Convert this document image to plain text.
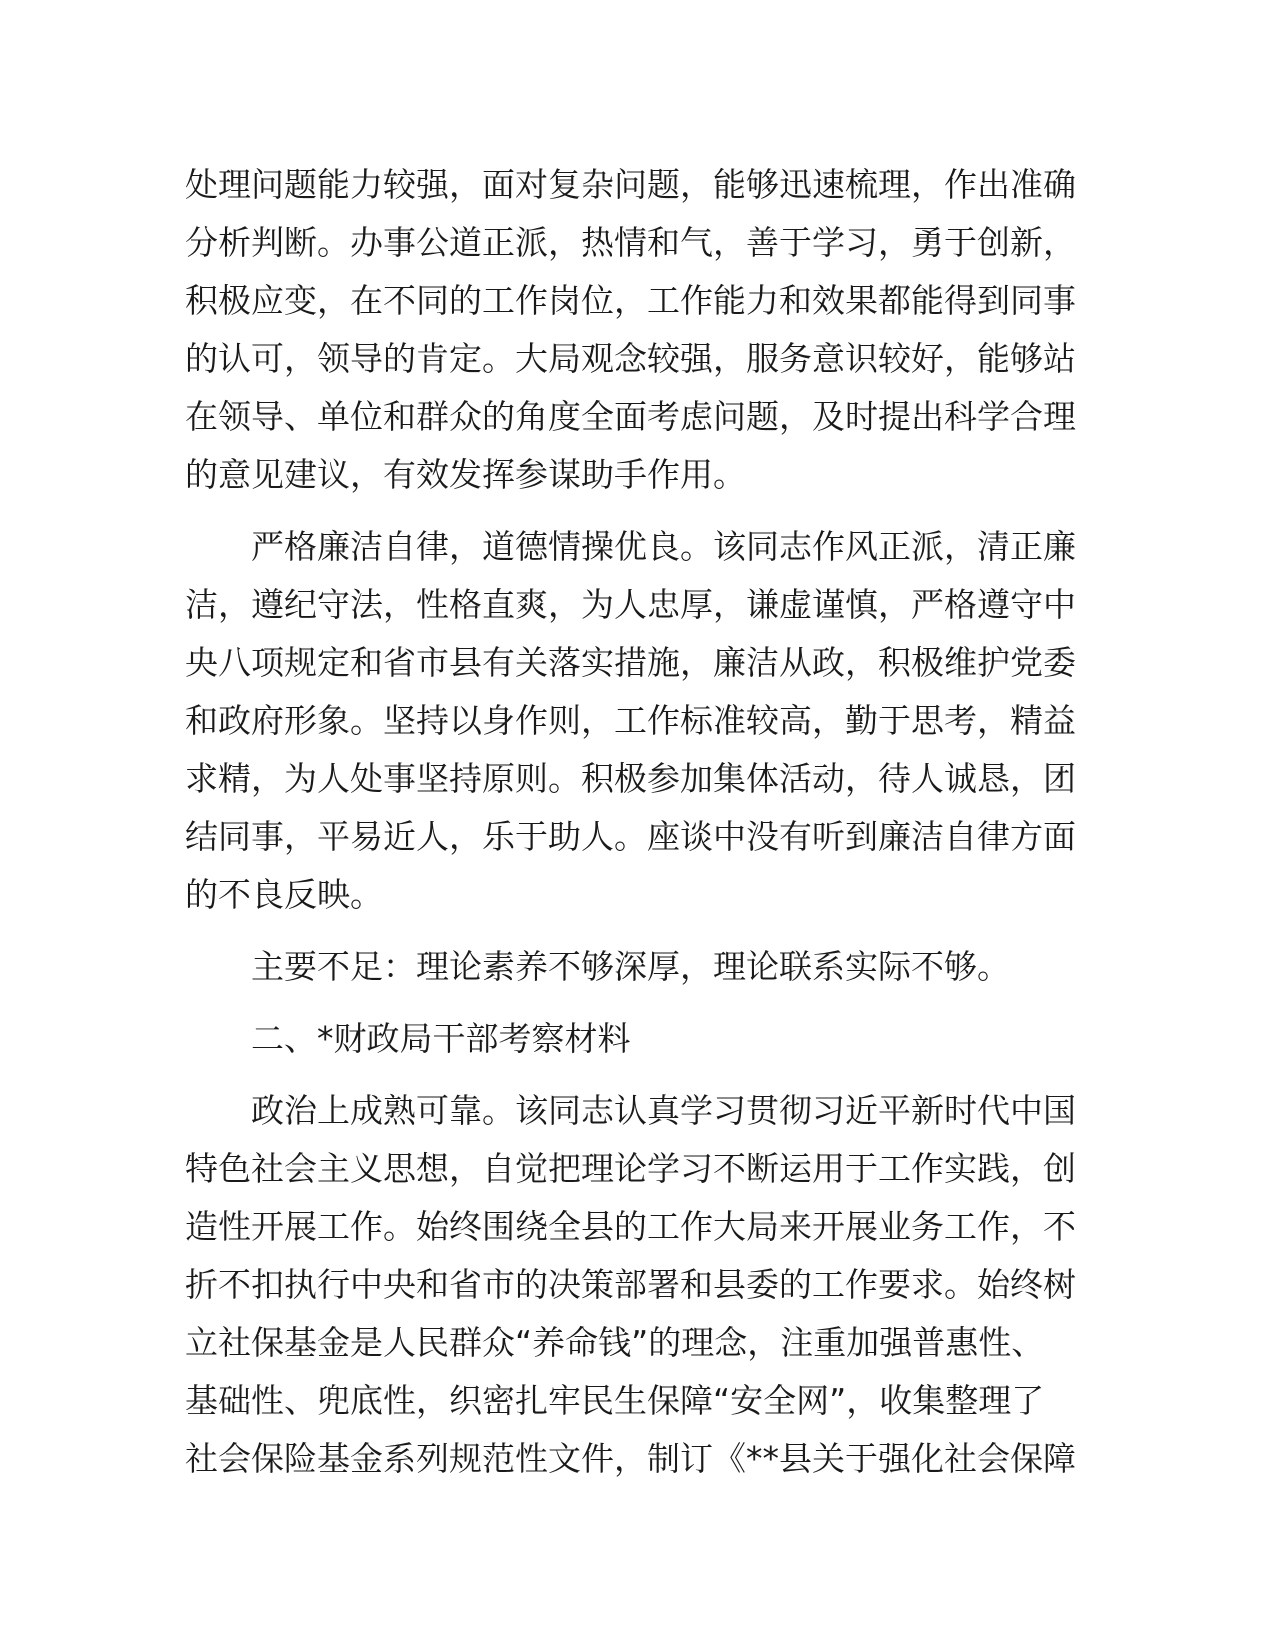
处理问题能力较强，面对复杂问题，能够迅速梳理，作出准确
分析判断。办事公道正派，热情和气，善于学习，勇于创新，
积极应变，在不同的工作岗位，工作能力和效果都能得到同事
的认可，领导的肯定。大局观念较强，服务意识较好，能够站
在领导、单位和群众的角度全面考虑问题，及时提出科学合理
的意见建议，有效发挥参谋助手作用。
严格廉洁自律，道德情操优良。该同志作风正派，清正廉
洁，遵纪守法，性格直爽，为人忠厚，谦虚谨慎，严格遵守中
央八项规定和省市县有关落实措施，廉洁从政，积极维护党委
和政府形象。坚持以身作则，工作标准较高，勤于思考，精益
求精，为人处事坚持原则。积极参加集体活动，待人诚恳，团
结同事，平易近人，乐于助人。座谈中没有听到廉洁自律方面
的不良反映。
主要不足：理论素养不够深厚，理论联系实际不够。
二、*财政局干部考察材料
政治上成熟可靠。该同志认真学习贯彻习近平新时代中国
特色社会主义思想，自觉把理论学习不断运用于工作实践，创
造性开展工作。始终围绕全县的工作大局来开展业务工作，不
折不扣执行中央和省市的决策部署和县委的工作要求。始终树
立社保基金是人民群众“养命钱”的理念，注重加强普惠性、
基础性、兜底性，织密扎牢民生保障“安全网”，收集整理了
社会保险基金系列规范性文件，制订《**县关于强化社会保障
